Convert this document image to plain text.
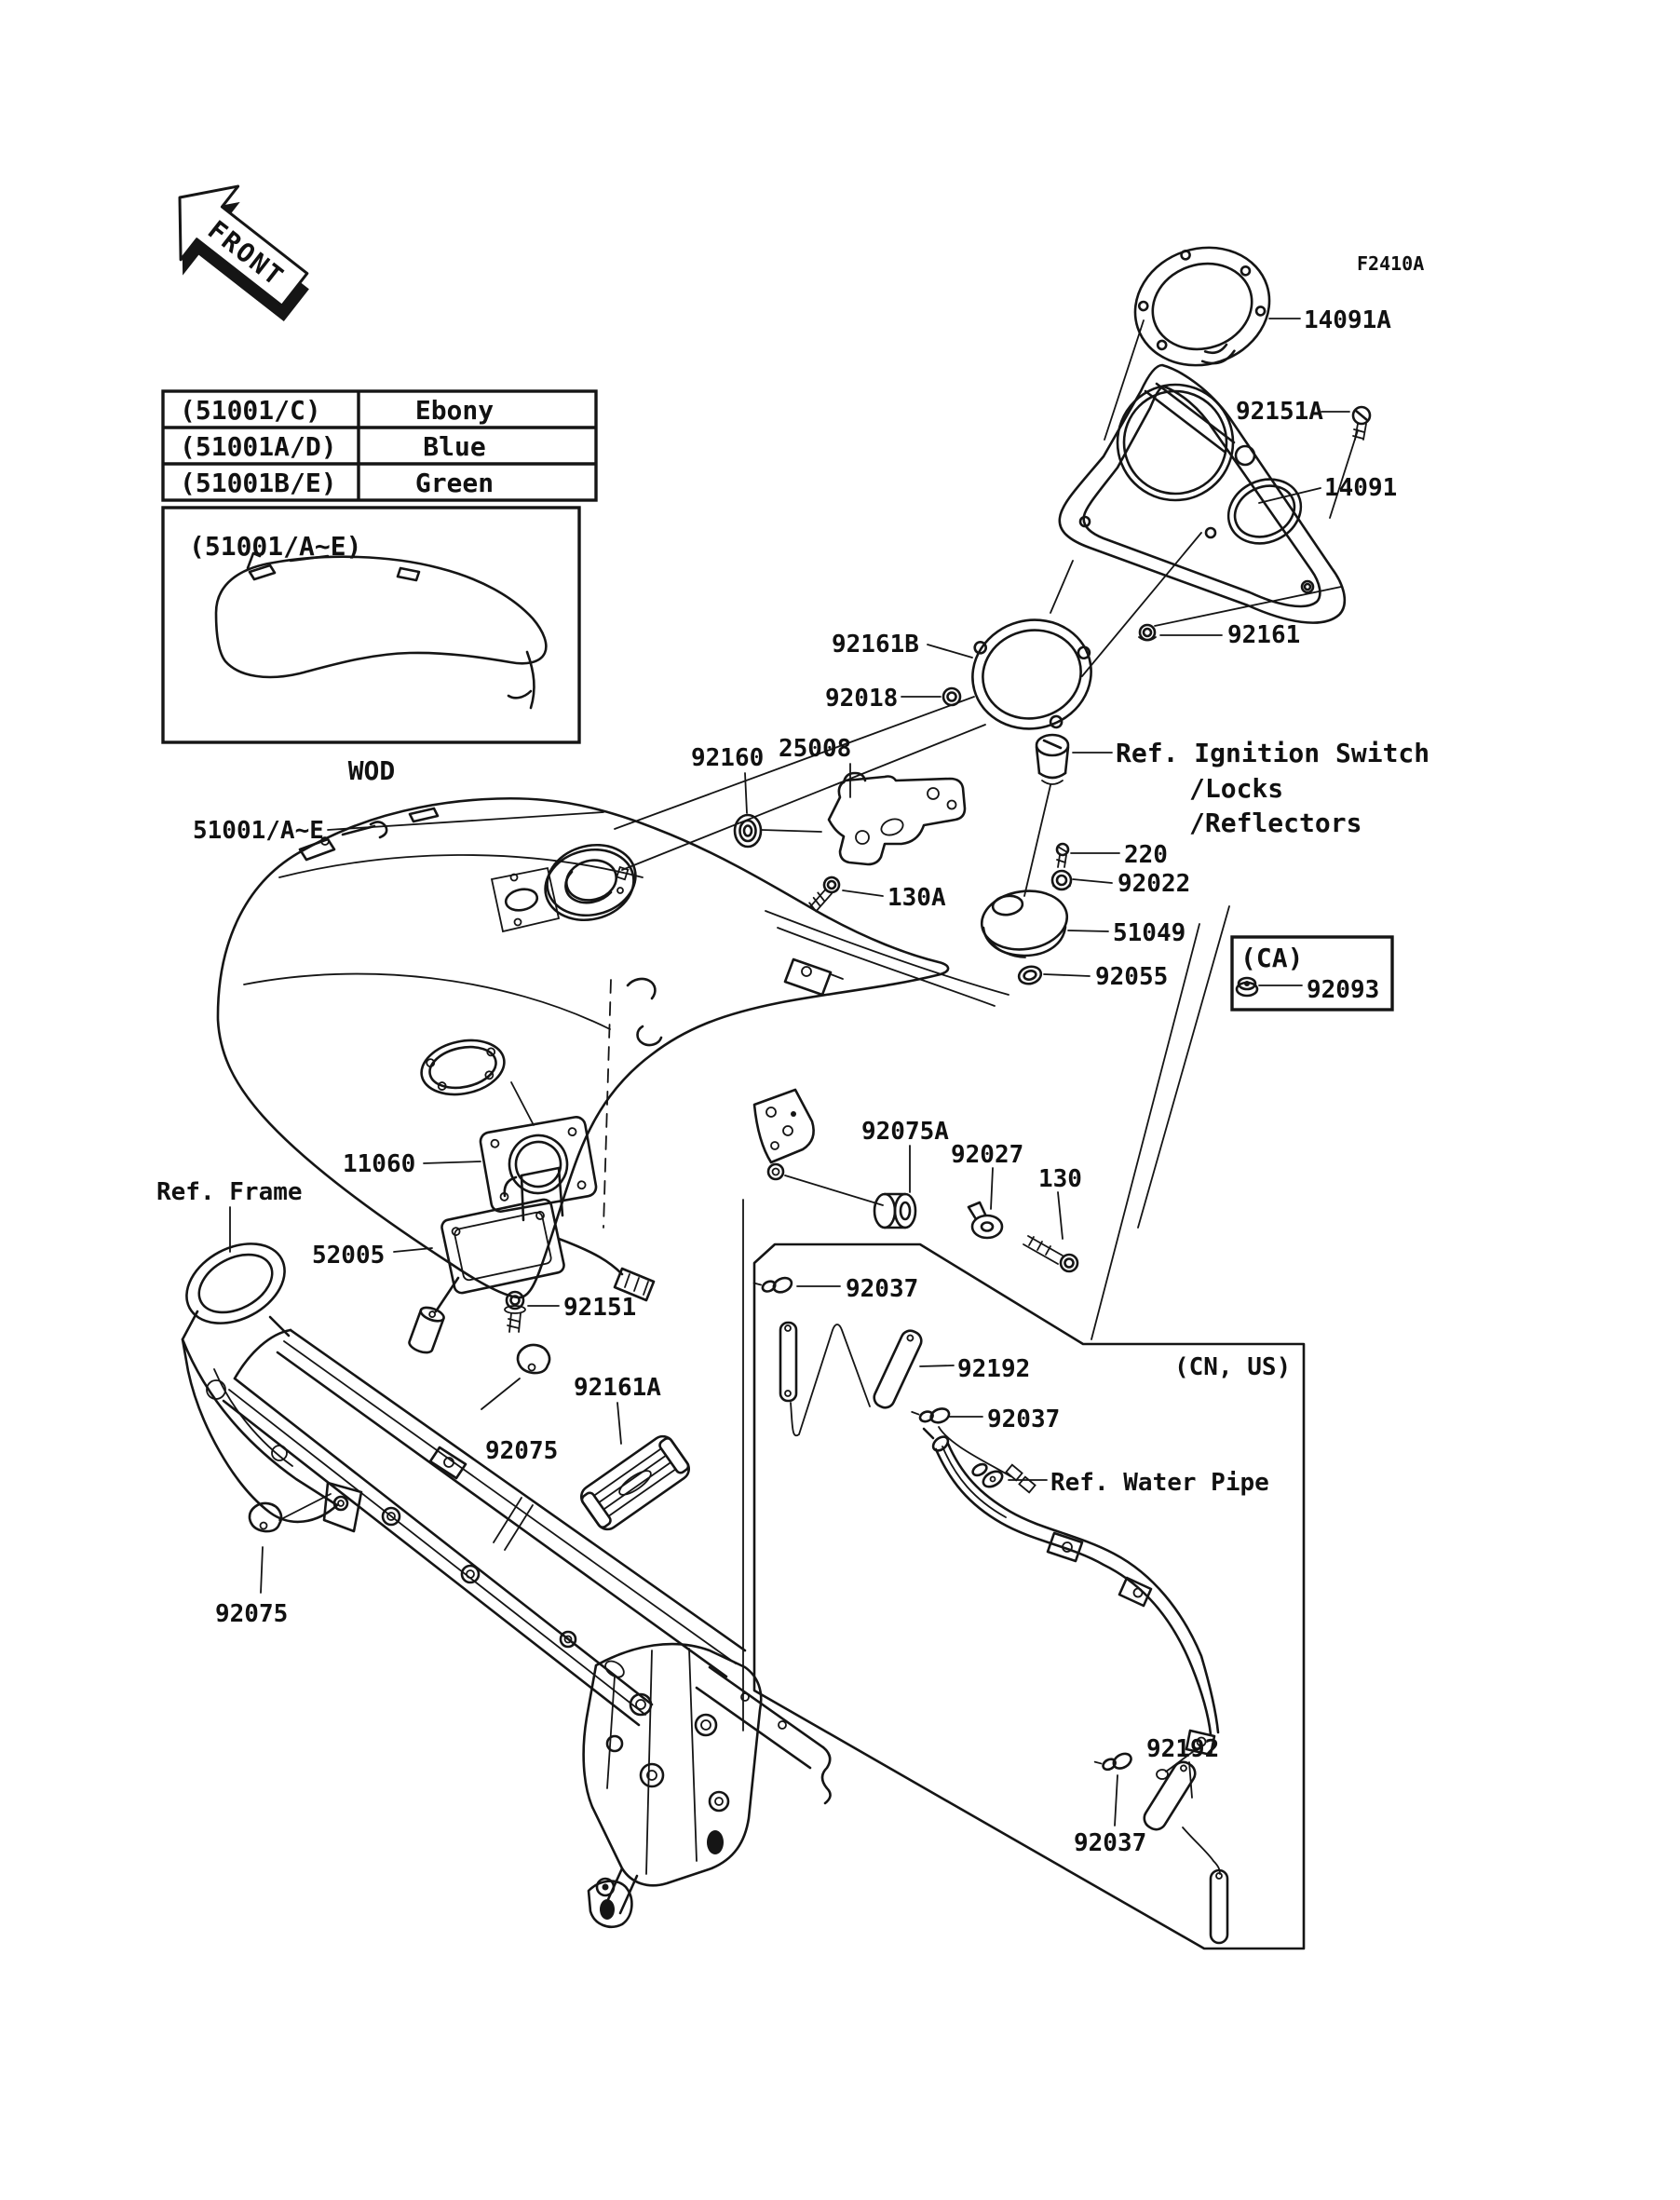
FRONT	F2410A
(51001/C)	Ebony
(51001A/D)	Blue
(51001B/E)	Green
(51001/A~E)
WOD
(CA)
14091A
92151A
14091
92161B	92161
92018
92160 25008	Ref. Ignition Switch
/Locks
/Reflectors
220
92022
130A
51049
92055	92093
51001/A~E
92075A
92027
130
11060
Ref. Frame
52005
92151
92037
92192
92037
(CN, US)
Ref. Water Pipe
92161A
92075
92075
92192
92037
